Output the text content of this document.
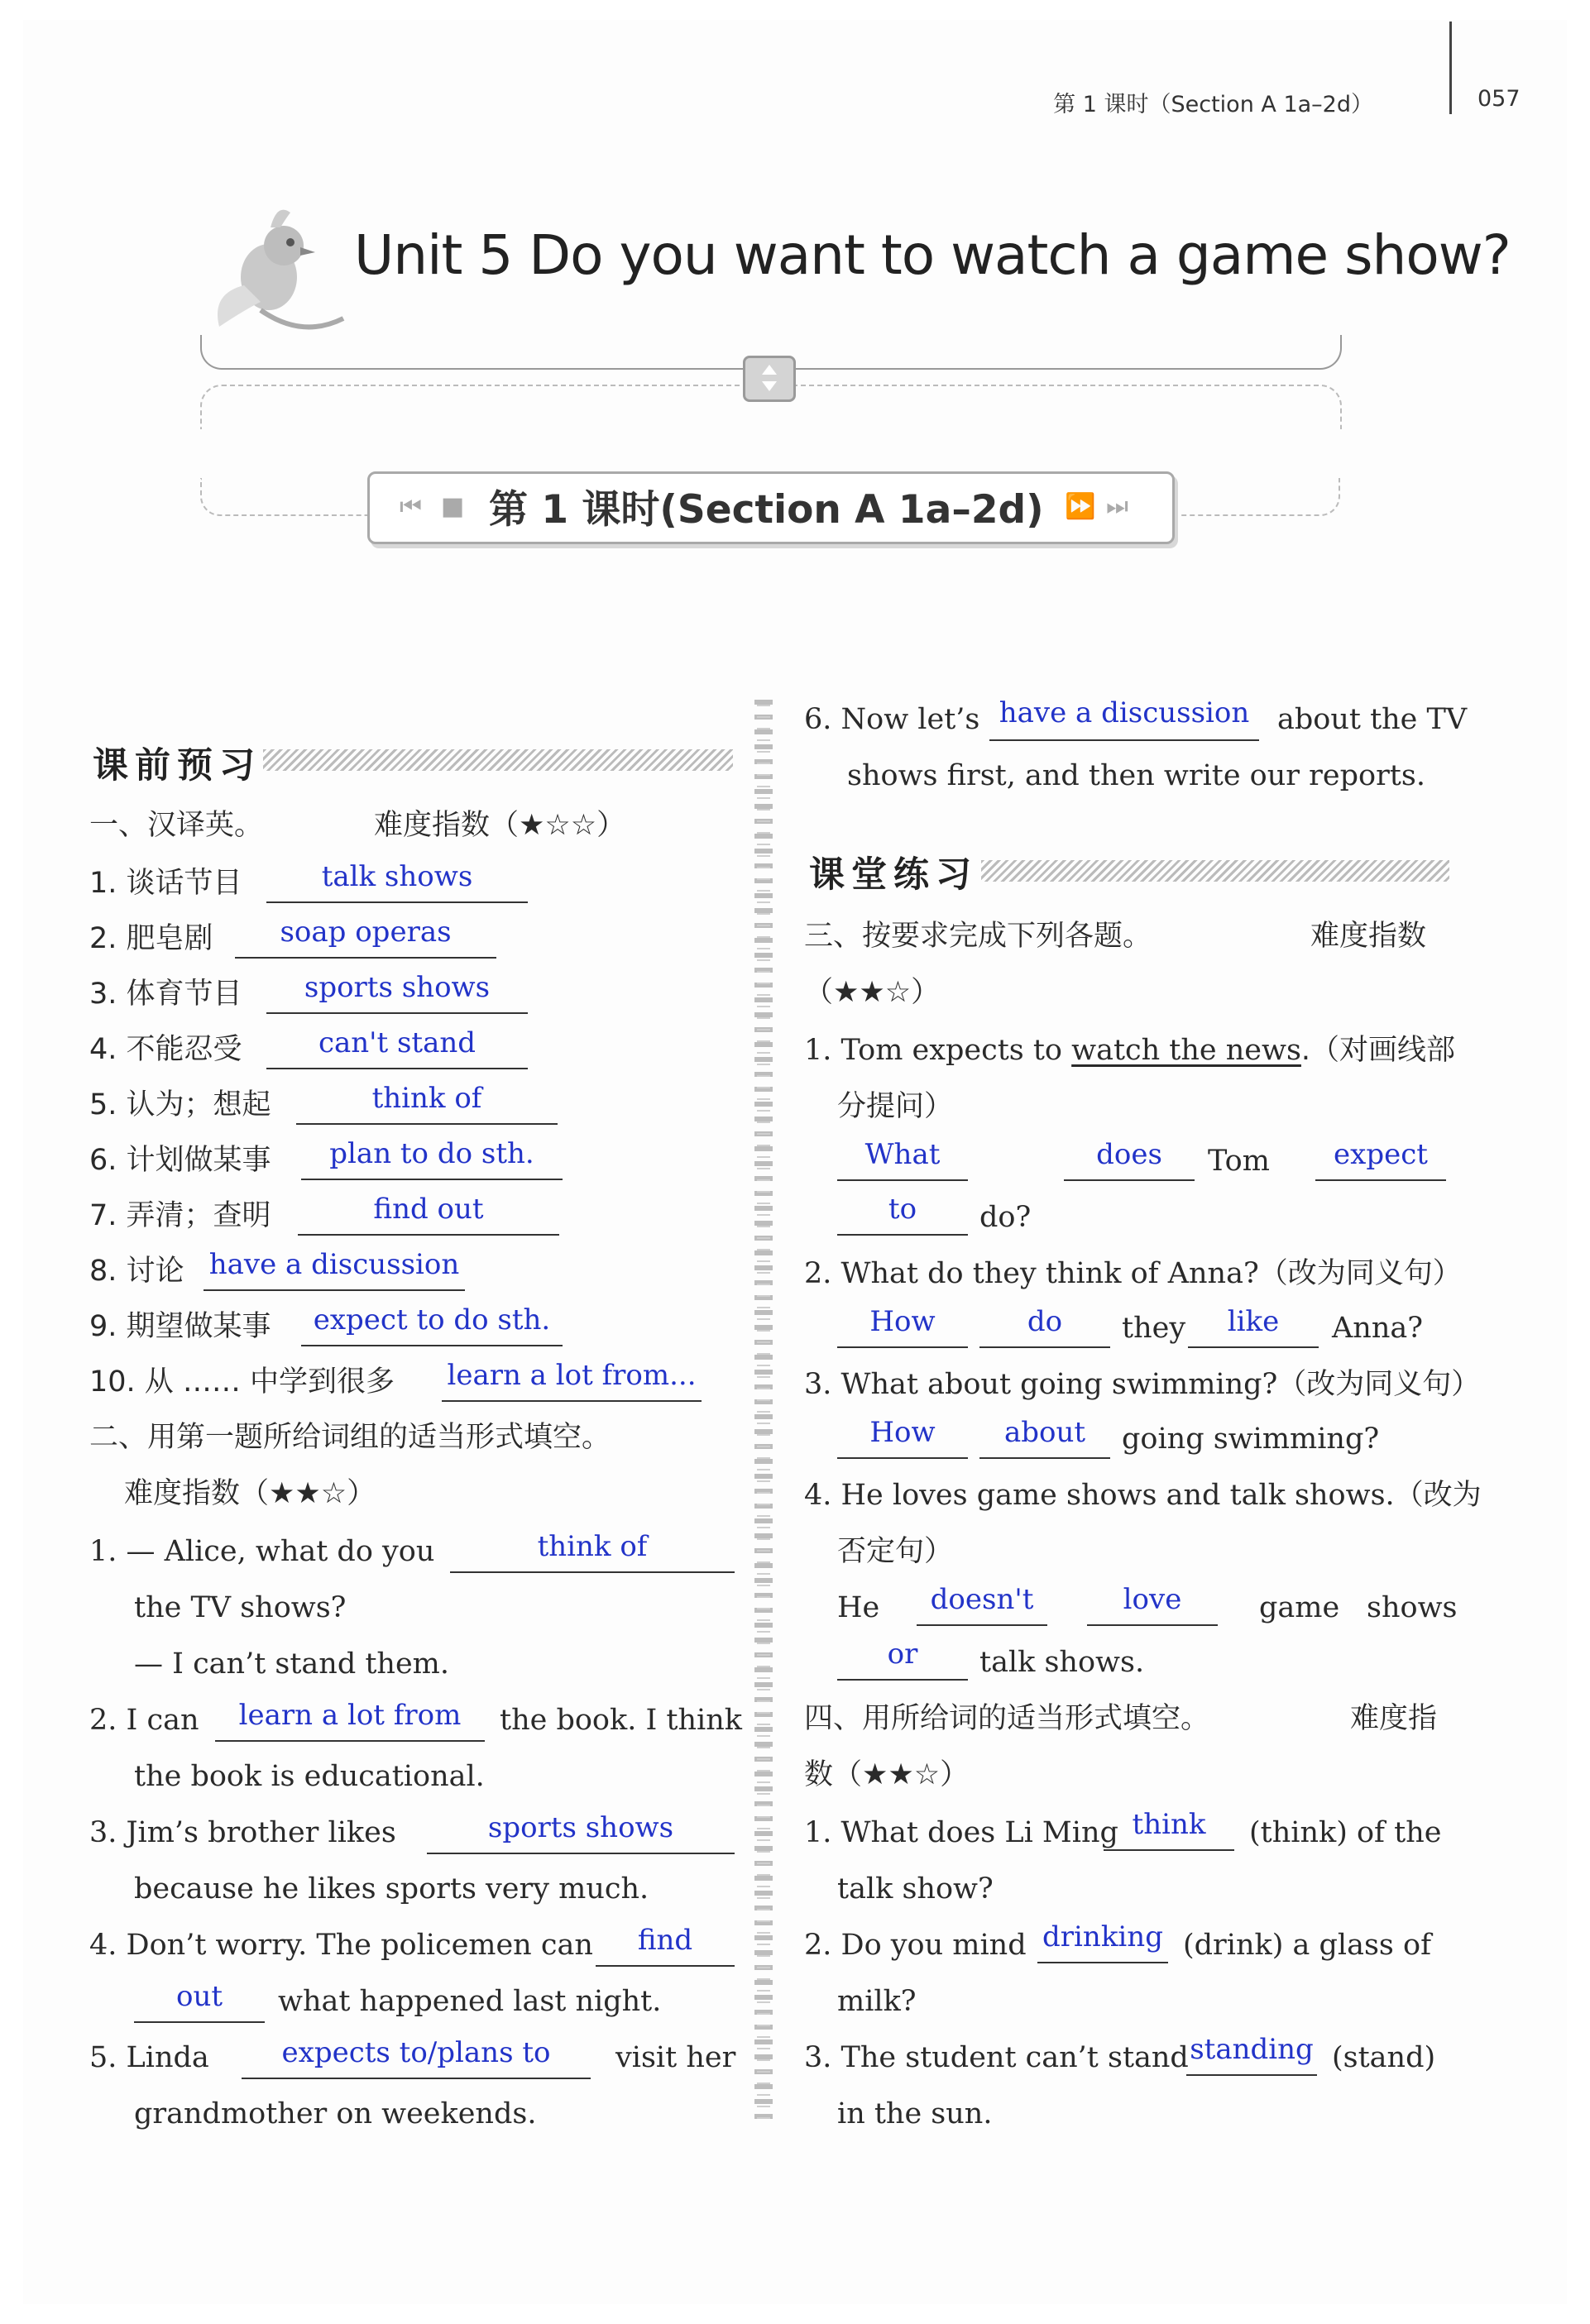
第 1 课时（Section A 1a–2d）	057
Unit 5 Do you want to watch a game show?
⏮ ■ 第 1 课时(Section A 1a–2d) ⏩ ⏭
课前预习
一、汉译英。	难度指数（★☆☆）
1. 谈话节目	talk shows
2. 肥皂剧	soap operas
3. 体育节目	sports shows
4. 不能忍受	can't stand
5. 认为；想起	think of
6. 计划做某事	plan to do sth.
7. 弄清；查明	find out
8. 讨论 have a discussion
9. 期望做某事	expect to do sth.
10. 从 …… 中学到很多 learn a lot from...
二、用第一题所给词组的适当形式填空。
难度指数（★★☆）
1. — Alice, what do you	think of
the TV shows?
— I can’t stand them.
2. I can	learn a lot from	the book. I think
the book is educational.
3. Jim’s brother likes	sports shows
because he likes sports very much.
4. Don’t worry. The policemen can	find
out	what happened last night.
5. Linda	expects to/plans to	visit her
grandmother on weekends.
6. Now let’s have a discussion about the TV
shows first, and then write our reports.
课堂练习
三、按要求完成下列各题。	难度指数
（★★☆）
1. Tom expects to watch the news.（对画线部
分提问）
What	does	Tom	expect
to	do?
2. What do they think of Anna?（改为同义句）
How	do	they	like	Anna?
3. What about going swimming?（改为同义句）
How	about	going swimming?
4. He loves game shows and talk shows.（改为
否定句）
He	doesn't	love	game shows
or	talk shows.
四、用所给词的适当形式填空。	难度指
数（★★☆）
1. What does Li Ming think	(think) of the
talk show?
2. Do you mind drinking (drink) a glass of
milk?
3. The student can’t stand standing (stand)
in the sun.
